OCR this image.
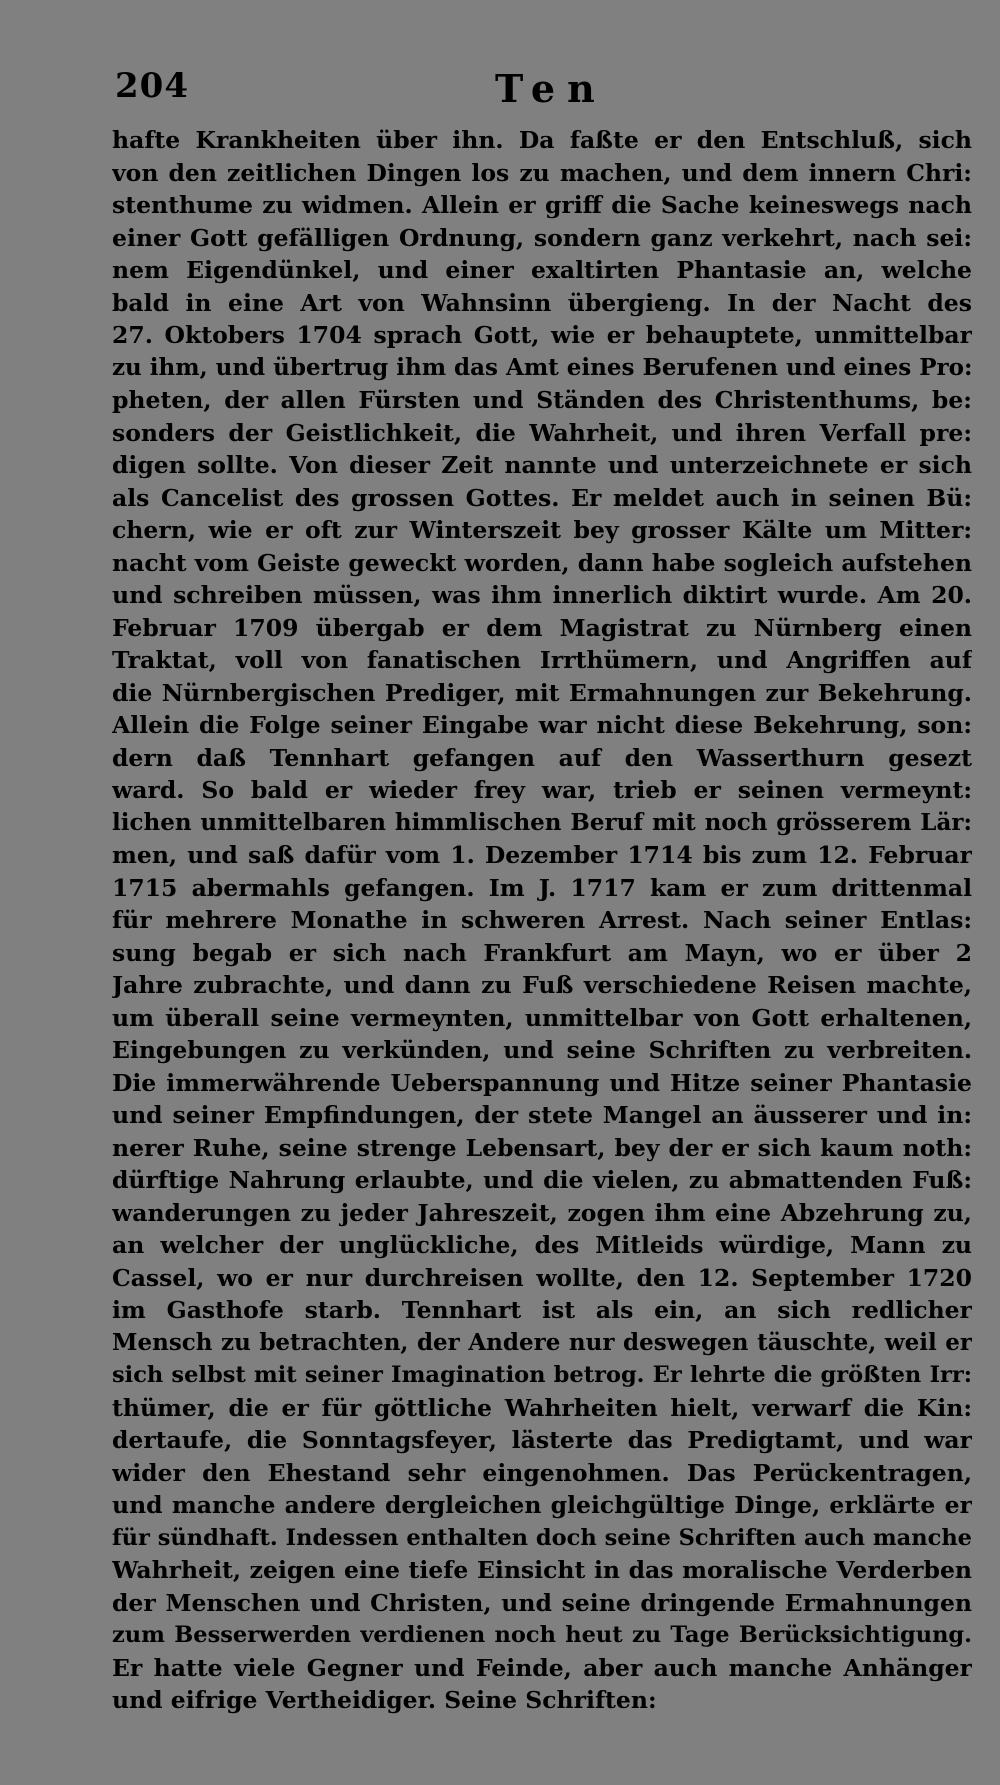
204	Ten
hafte Krankheiten über ihn. Da faßte er den Entschluß, sich
von den zeitlichen Dingen los zu machen, und dem innern Chri:
stenthume zu widmen. Allein er griff die Sache keineswegs nach
einer Gott gefälligen Ordnung, sondern ganz verkehrt, nach sei:
nem Eigendünkel, und einer exaltirten Phantasie an, welche
bald in eine Art von Wahnsinn übergieng. In der Nacht des
27. Oktobers 1704 sprach Gott, wie er behauptete, unmittelbar
zu ihm, und übertrug ihm das Amt eines Berufenen und eines Pro:
pheten, der allen Fürsten und Ständen des Christenthums, be:
sonders der Geistlichkeit, die Wahrheit, und ihren Verfall pre:
digen sollte. Von dieser Zeit nannte und unterzeichnete er sich
als Cancelist des grossen Gottes. Er meldet auch in seinen Bü:
chern, wie er oft zur Winterszeit bey grosser Kälte um Mitter:
nacht vom Geiste geweckt worden, dann habe sogleich aufstehen
und schreiben müssen, was ihm innerlich diktirt wurde. Am 20.
Februar 1709 übergab er dem Magistrat zu Nürnberg einen
Traktat, voll von fanatischen Irrthümern, und Angriffen auf
die Nürnbergischen Prediger, mit Ermahnungen zur Bekehrung.
Allein die Folge seiner Eingabe war nicht diese Bekehrung, son:
dern daß Tennhart gefangen auf den Wasserthurn gesezt
ward. So bald er wieder frey war, trieb er seinen vermeynt:
lichen unmittelbaren himmlischen Beruf mit noch grösserem Lär:
men, und saß dafür vom 1. Dezember 1714 bis zum 12. Februar
1715 abermahls gefangen. Im J. 1717 kam er zum drittenmal
für mehrere Monathe in schweren Arrest. Nach seiner Entlas:
sung begab er sich nach Frankfurt am Mayn, wo er über 2
Jahre zubrachte, und dann zu Fuß verschiedene Reisen machte,
um überall seine vermeynten, unmittelbar von Gott erhaltenen,
Eingebungen zu verkünden, und seine Schriften zu verbreiten.
Die immerwährende Ueberspannung und Hitze seiner Phantasie
und seiner Empfindungen, der stete Mangel an äusserer und in:
nerer Ruhe, seine strenge Lebensart, bey der er sich kaum noth:
dürftige Nahrung erlaubte, und die vielen, zu abmattenden Fuß:
wanderungen zu jeder Jahreszeit, zogen ihm eine Abzehrung zu,
an welcher der unglückliche, des Mitleids würdige, Mann zu
Cassel, wo er nur durchreisen wollte, den 12. September 1720
im Gasthofe starb. Tennhart ist als ein, an sich redlicher
Mensch zu betrachten, der Andere nur deswegen täuschte, weil er
sich selbst mit seiner Imagination betrog. Er lehrte die größten Irr:
thümer, die er für göttliche Wahrheiten hielt, verwarf die Kin:
dertaufe, die Sonntagsfeyer, lästerte das Predigtamt, und war
wider den Ehestand sehr eingenohmen. Das Perückentragen,
und manche andere dergleichen gleichgültige Dinge, erklärte er
für sündhaft. Indessen enthalten doch seine Schriften auch manche
Wahrheit, zeigen eine tiefe Einsicht in das moralische Verderben
der Menschen und Christen, und seine dringende Ermahnungen
zum Besserwerden verdienen noch heut zu Tage Berücksichtigung.
Er hatte viele Gegner und Feinde, aber auch manche Anhänger
und eifrige Vertheidiger. Seine Schriften:
